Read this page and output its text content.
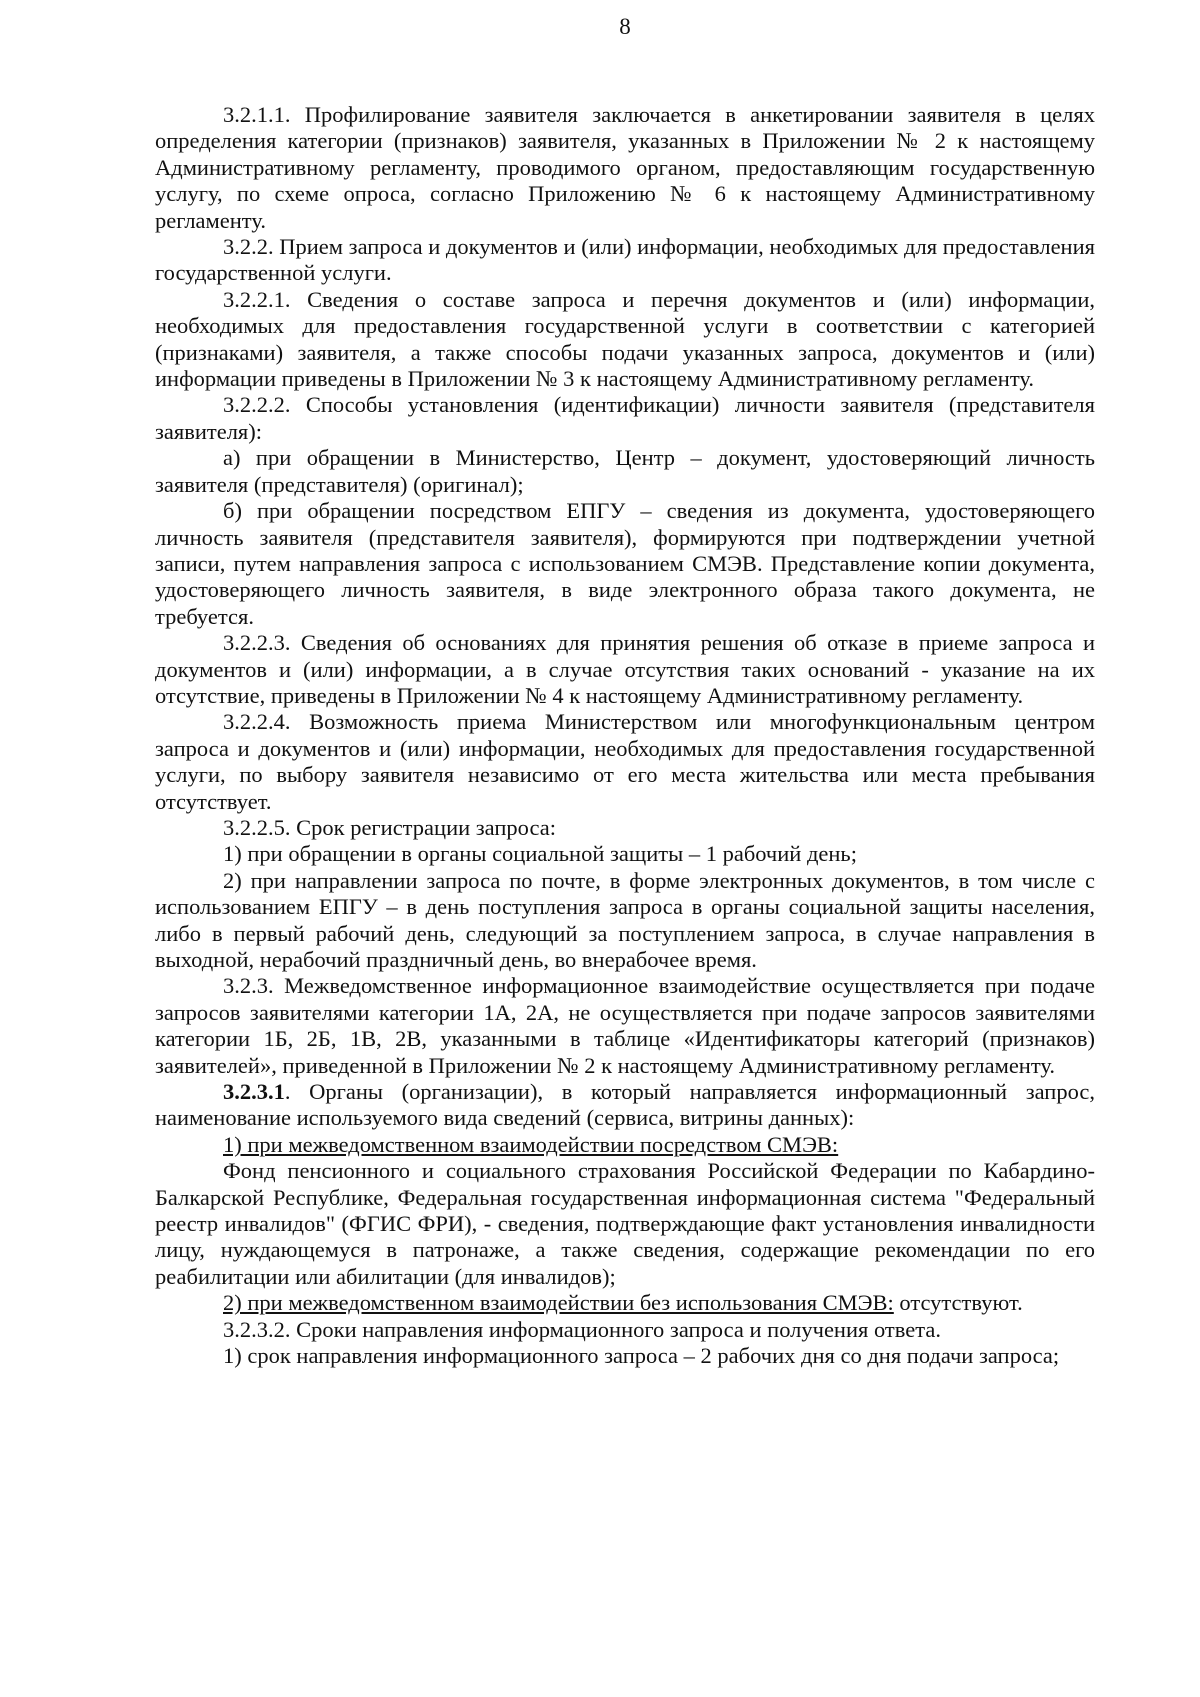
8

3.2.1.1. Профилирование заявителя заключается в анкетировании заявителя в целях определения категории (признаков) заявителя, указанных в Приложении № 2 к настоящему Административному регламенту, проводимого органом, предоставляющим государственную услугу, по схеме опроса, согласно Приложению № 6 к настоящему Административному регламенту.

3.2.2. Прием запроса и документов и (или) информации, необходимых для предоставления государственной услуги.

3.2.2.1. Сведения о составе запроса и перечня документов и (или) информации, необходимых для предоставления государственной услуги в соответствии с категорией (признаками) заявителя, а также способы подачи указанных запроса, документов и (или) информации приведены в Приложении № 3 к настоящему Административному регламенту.

3.2.2.2. Способы установления (идентификации) личности заявителя (представителя заявителя):

а) при обращении в Министерство, Центр – документ, удостоверяющий личность заявителя (представителя) (оригинал);

б) при обращении посредством ЕПГУ – сведения из документа, удостоверяющего личность заявителя (представителя заявителя), формируются при подтверждении учетной записи, путем направления запроса с использованием СМЭВ. Представление копии документа, удостоверяющего личность заявителя, в виде электронного образа такого документа, не требуется.

3.2.2.3. Сведения об основаниях для принятия решения об отказе в приеме запроса и документов и (или) информации, а в случае отсутствия таких оснований - указание на их отсутствие, приведены в Приложении № 4 к настоящему Административному регламенту.

3.2.2.4. Возможность приема Министерством или многофункциональным центром запроса и документов и (или) информации, необходимых для предоставления государственной услуги, по выбору заявителя независимо от его места жительства или места пребывания отсутствует.

3.2.2.5. Срок регистрации запроса:

1) при обращении в органы социальной защиты – 1 рабочий день;

2) при направлении запроса по почте, в форме электронных документов, в том числе с использованием ЕПГУ – в день поступления запроса в органы социальной защиты населения, либо в первый рабочий день, следующий за поступлением запроса, в случае направления в выходной, нерабочий праздничный день, во внерабочее время.

3.2.3. Межведомственное информационное взаимодействие осуществляется при подаче запросов заявителями категории 1А, 2А, не осуществляется при подаче запросов заявителями категории 1Б, 2Б, 1В, 2В, указанными в таблице «Идентификаторы категорий (признаков) заявителей», приведенной в Приложении № 2 к настоящему Административному регламенту.

3.2.3.1. Органы (организации), в который направляется информационный запрос, наименование используемого вида сведений (сервиса, витрины данных):

1) при межведомственном взаимодействии посредством СМЭВ:

Фонд пенсионного и социального страхования Российской Федерации по Кабардино-Балкарской Республике, Федеральная государственная информационная система "Федеральный реестр инвалидов" (ФГИС ФРИ), - сведения, подтверждающие факт установления инвалидности лицу, нуждающемуся в патронаже, а также сведения, содержащие рекомендации по его реабилитации или абилитации (для инвалидов);

2) при межведомственном взаимодействии без использования СМЭВ: отсутствуют.

3.2.3.2. Сроки направления информационного запроса и получения ответа.

1) срок направления информационного запроса – 2 рабочих дня со дня подачи запроса;
